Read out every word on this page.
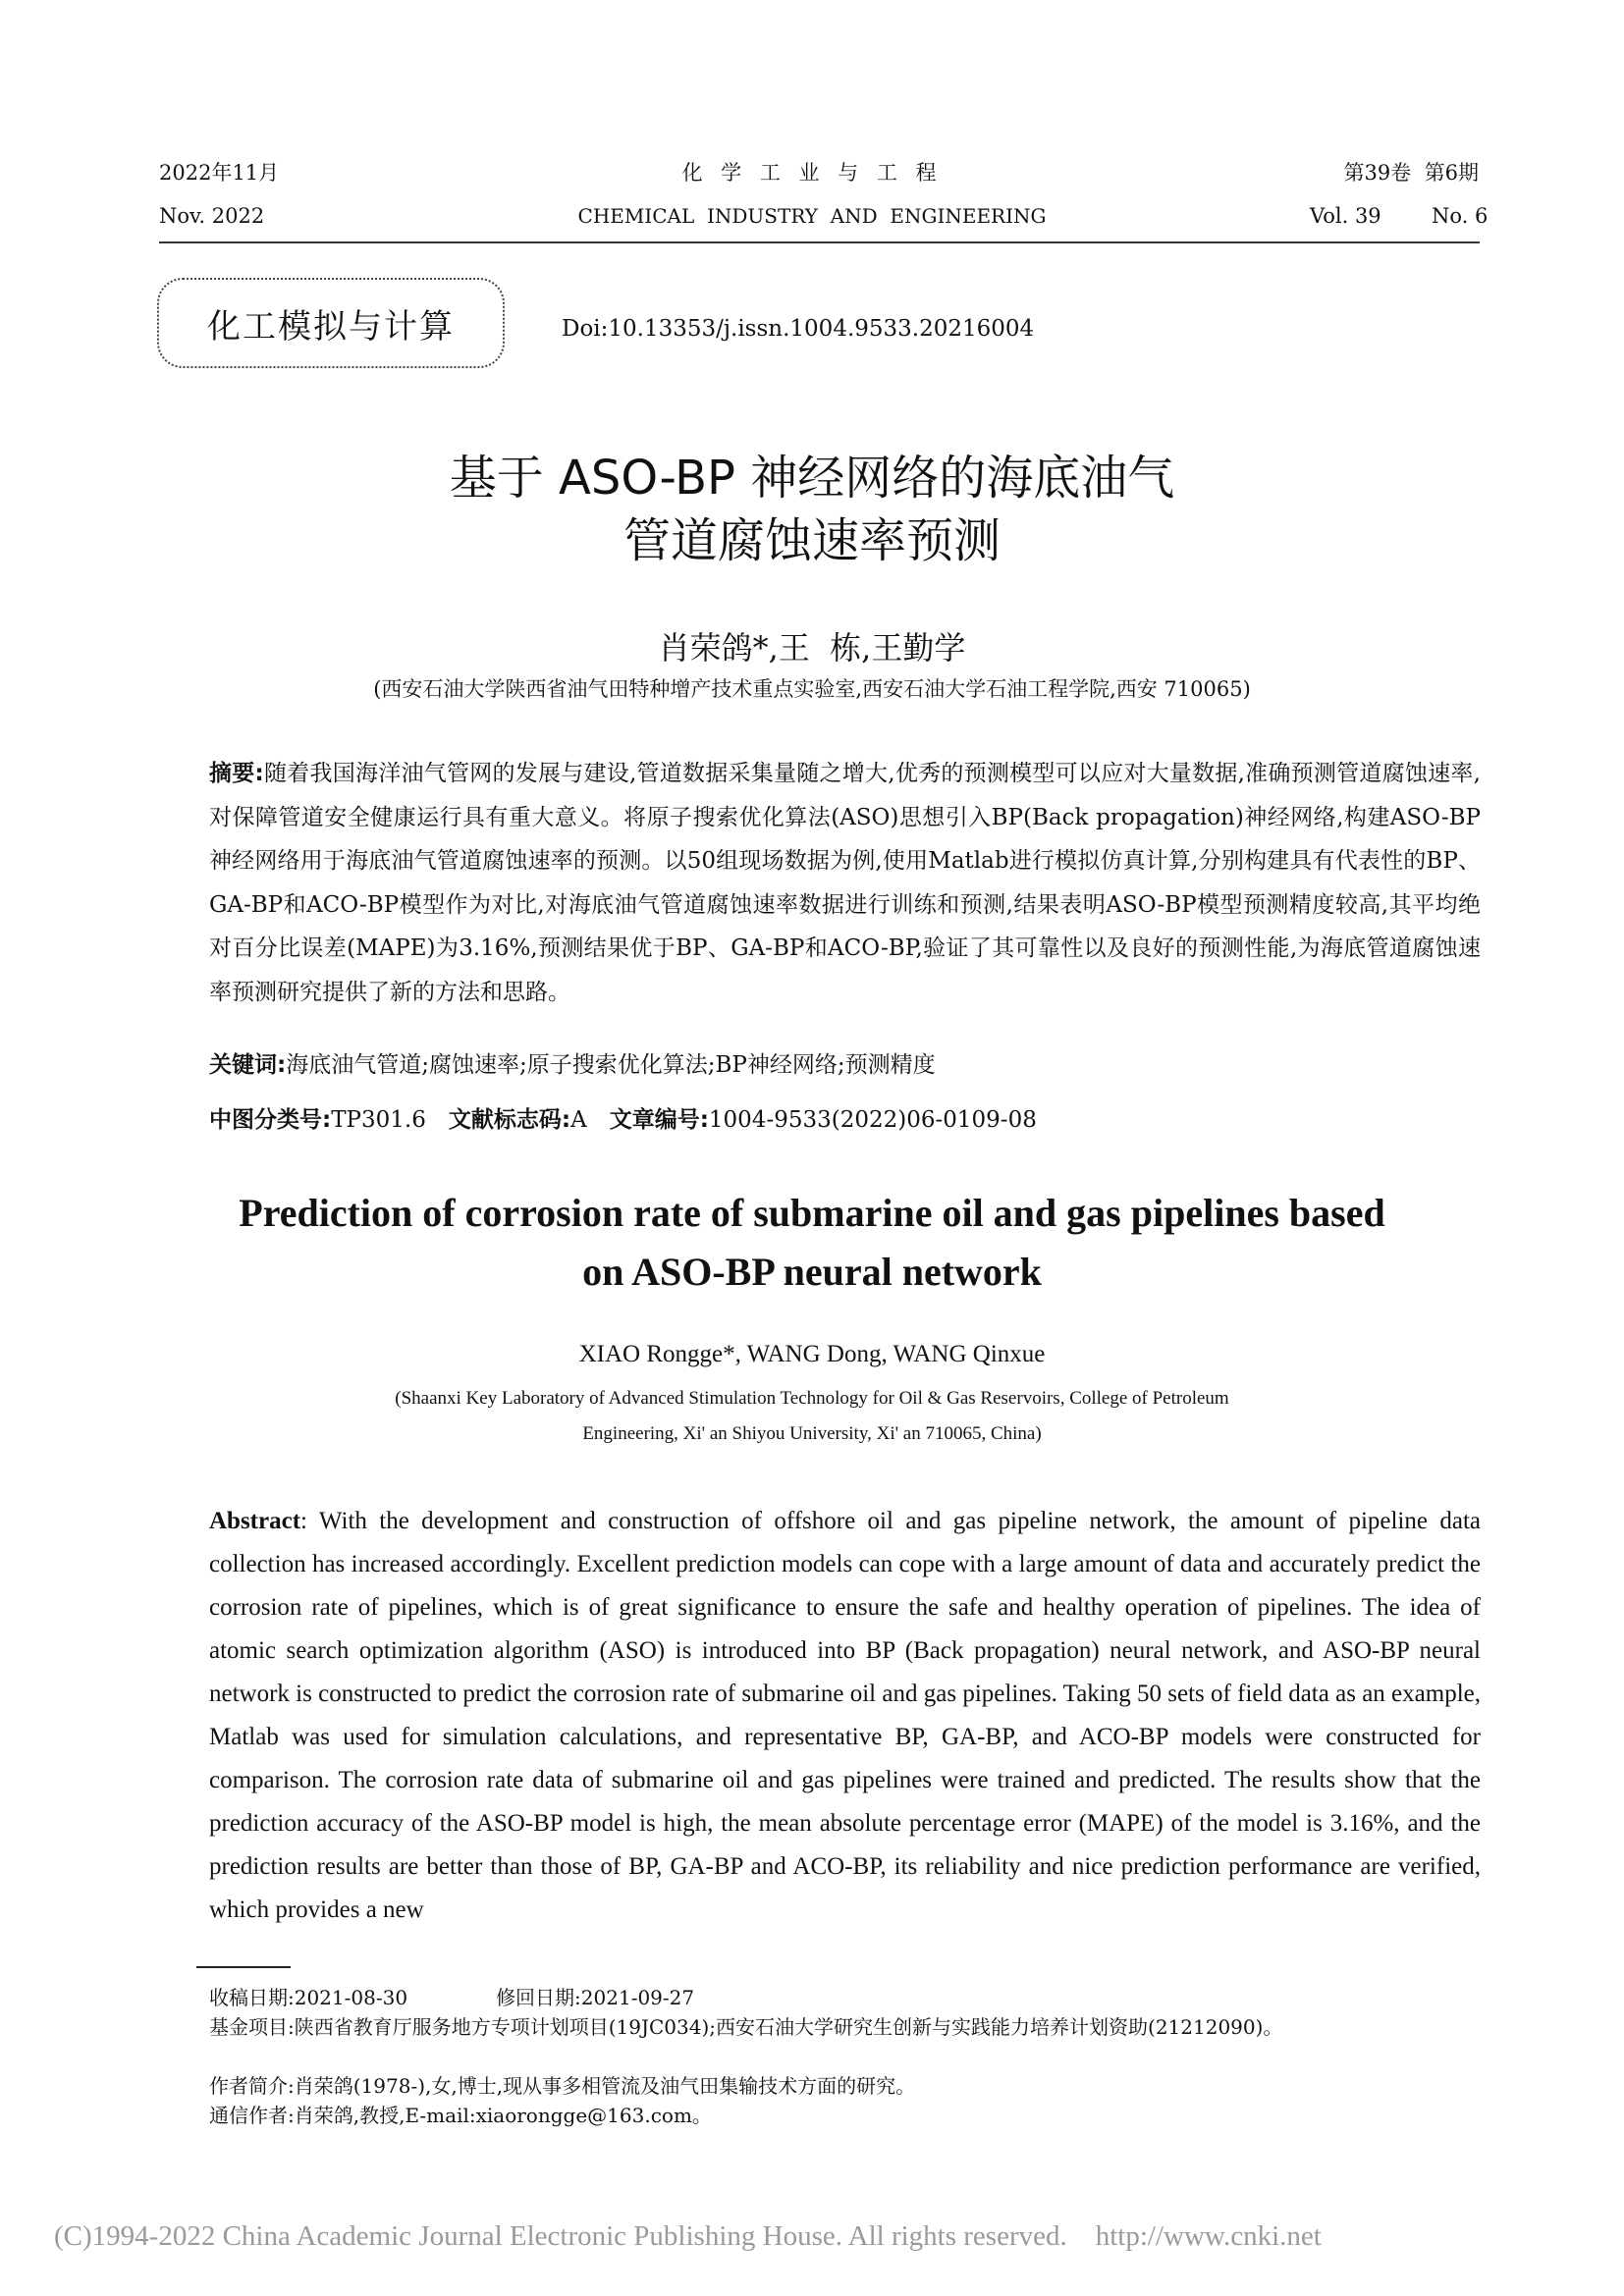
2022年11月	化 学 工 业 与 工 程	第39卷  第6期
Nov. 2022	CHEMICAL  INDUSTRY  AND  ENGINEERING	Vol. 39 No. 6
化工模拟与计算	Doi:10.13353/j.issn.1004.9533.20216004
基于 ASO-BP 神经网络的海底油气
管道腐蚀速率预测
肖荣鸽*,王  栋,王勤学
(西安石油大学陕西省油气田特种增产技术重点实验室,西安石油大学石油工程学院,西安 710065)
摘要:随着我国海洋油气管网的发展与建设,管道数据采集量随之增大,优秀的预测模型可以应对大量数据,准确预测管道腐蚀速率,对保障管道安全健康运行具有重大意义。将原子搜索优化算法(ASO)思想引入BP(Back propagation)神经网络,构建ASO-BP神经网络用于海底油气管道腐蚀速率的预测。以50组现场数据为例,使用Matlab进行模拟仿真计算,分别构建具有代表性的BP、GA-BP和ACO-BP模型作为对比,对海底油气管道腐蚀速率数据进行训练和预测,结果表明ASO-BP模型预测精度较高,其平均绝对百分比误差(MAPE)为3.16%,预测结果优于BP、GA-BP和ACO-BP,验证了其可靠性以及良好的预测性能,为海底管道腐蚀速率预测研究提供了新的方法和思路。
关键词:海底油气管道;腐蚀速率;原子搜索优化算法;BP神经网络;预测精度
中图分类号:TP301.6  文献标志码:A  文章编号:1004-9533(2022)06-0109-08
Prediction of corrosion rate of submarine oil and gas pipelines based
on ASO-BP neural network
XIAO Rongge*, WANG Dong, WANG Qinxue
(Shaanxi Key Laboratory of Advanced Stimulation Technology for Oil & Gas Reservoirs, College of Petroleum
Engineering, Xi' an Shiyou University, Xi' an 710065, China)
Abstract: With the development and construction of offshore oil and gas pipeline network, the amount of pipeline data collection has increased accordingly. Excellent prediction models can cope with a large amount of data and accurately predict the corrosion rate of pipelines, which is of great significance to ensure the safe and healthy operation of pipelines. The idea of atomic search optimization algorithm (ASO) is introduced into BP (Back propagation) neural network, and ASO-BP neural network is constructed to predict the corrosion rate of submarine oil and gas pipelines. Taking 50 sets of field data as an example, Matlab was used for simulation calculations, and representative BP, GA-BP, and ACO-BP models were constructed for comparison. The corrosion rate data of submarine oil and gas pipelines were trained and predicted. The results show that the prediction accuracy of the ASO-BP model is high, the mean absolute percentage error (MAPE) of the model is 3.16%, and the prediction results are better than those of BP, GA-BP and ACO-BP, its reliability and nice prediction performance are verified, which provides a new
收稿日期:2021-08-30	修回日期:2021-09-27
基金项目:陕西省教育厅服务地方专项计划项目(19JC034);西安石油大学研究生创新与实践能力培养计划资助(21212090)。
作者简介:肖荣鸽(1978-),女,博士,现从事多相管流及油气田集输技术方面的研究。
通信作者:肖荣鸽,教授,E-mail:xiaorongge@163.com。
(C)1994-2022 China Academic Journal Electronic Publishing House. All rights reserved.    http://www.cnki.net
